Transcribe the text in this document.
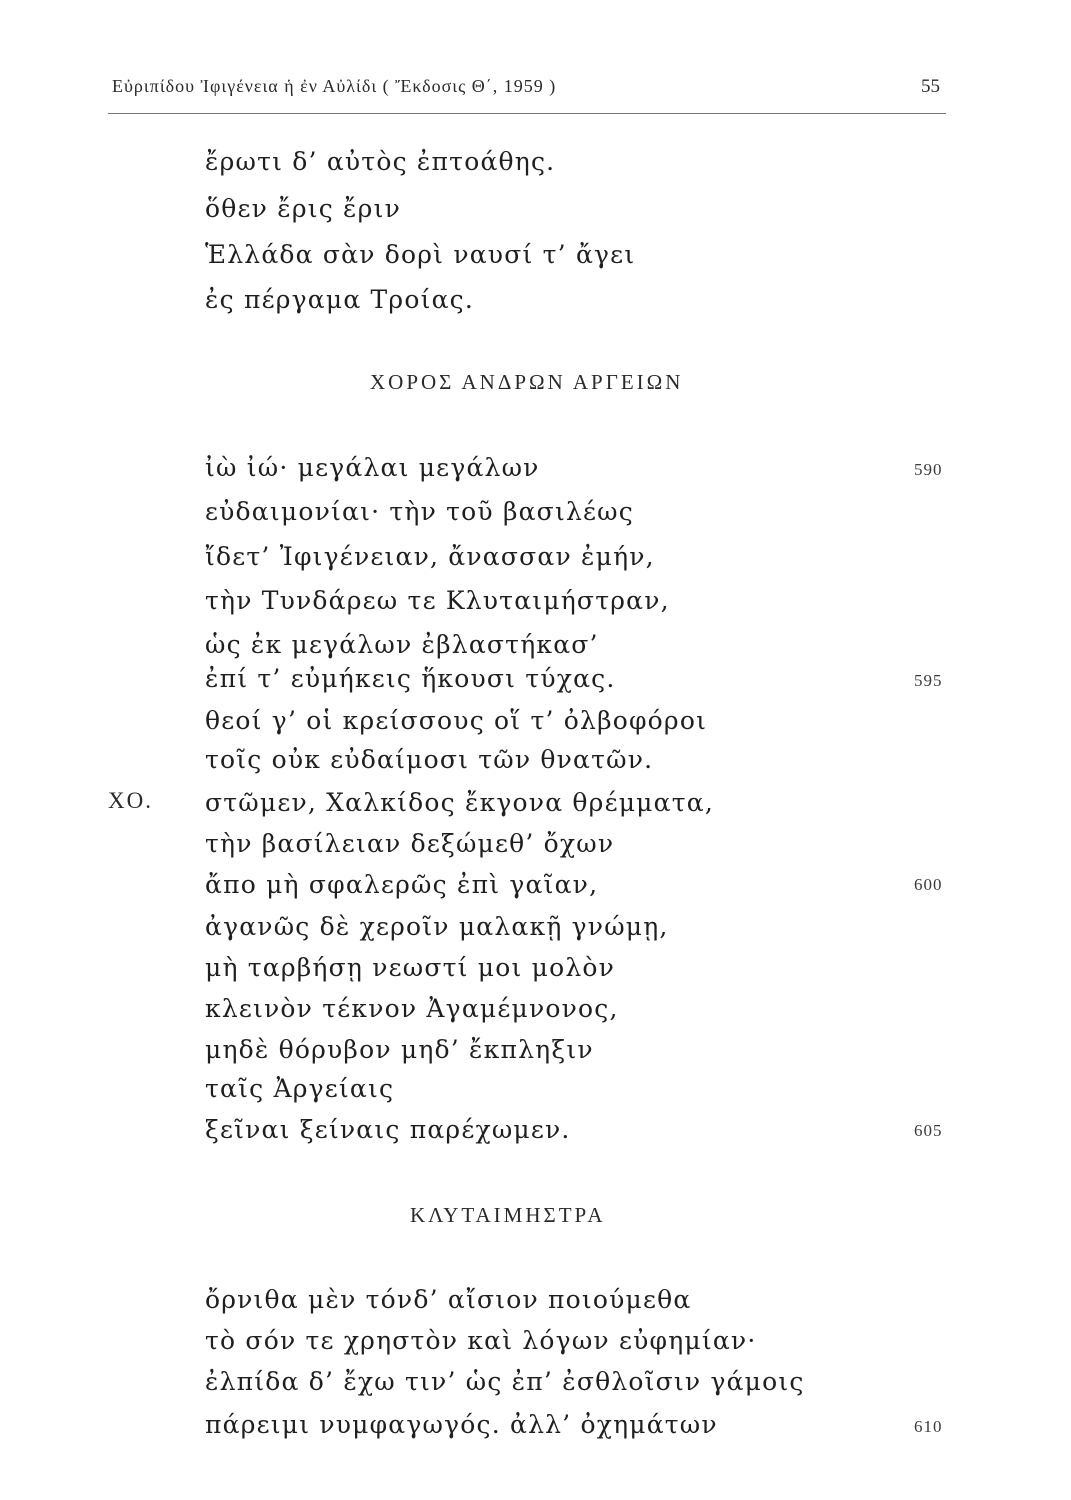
Εὐριπίδου Ἰφιγένεια ἡ ἐν Αὐλίδι ( Ἔκδοσις Θ΄, 1959 )	55
ἔρωτι δ’ αὐτὸς ἐπτοάθης.
ὅθεν ἔρις ἔριν
Ἑλλάδα σὰν δορὶ ναυσί τ’ ἄγει
ἐς πέργαμα Τροίας.
ΧΟΡΟΣ ΑΝΔΡΩΝ ΑΡΓΕΙΩΝ
ἰὼ ἰώ· μεγάλαι μεγάλων
εὐδαιμονίαι· τὴν τοῦ βασιλέως
ἴδετ’ Ἰφιγένειαν, ἄνασσαν ἐμήν,
τὴν Τυνδάρεω τε Κλυταιμήστραν,
ὡς ἐκ μεγάλων ἐβλαστήκασ’
ἐπί τ’ εὐμήκεις ἥκουσι τύχας.
θεοί γ’ οἱ κρείσσους οἵ τ’ ὀλβοφόροι
τοῖς οὐκ εὐδαίμοσι τῶν θνατῶν.
590
595
ΧΟ. στῶμεν, Χαλκίδος ἔκγονα θρέμματα,
τὴν βασίλειαν δεξώμεθ’ ὄχων
ἄπο μὴ σφαλερῶς ἐπὶ γαῖαν,
ἀγανῶς δὲ χεροῖν μαλακῇ γνώμῃ,
μὴ ταρβήσῃ νεωστί μοι μολὸν
κλεινὸν τέκνον Ἀγαμέμνονος,
μηδὲ θόρυβον μηδ’ ἔκπληξιν
ταῖς Ἀργείαις
ξεῖναι ξείναις παρέχωμεν.
600
605
ΚΛΥΤΑΙΜΗΣΤΡΑ
ὄρνιθα μὲν τόνδ’ αἴσιον ποιούμεθα
τὸ σόν τε χρηστὸν καὶ λόγων εὐφημίαν·
ἐλπίδα δ’ ἔχω τιν’ ὡς ἐπ’ ἐσθλοῖσιν γάμοις
πάρειμι νυμφαγωγός. ἀλλ’ ὀχημάτων	610
